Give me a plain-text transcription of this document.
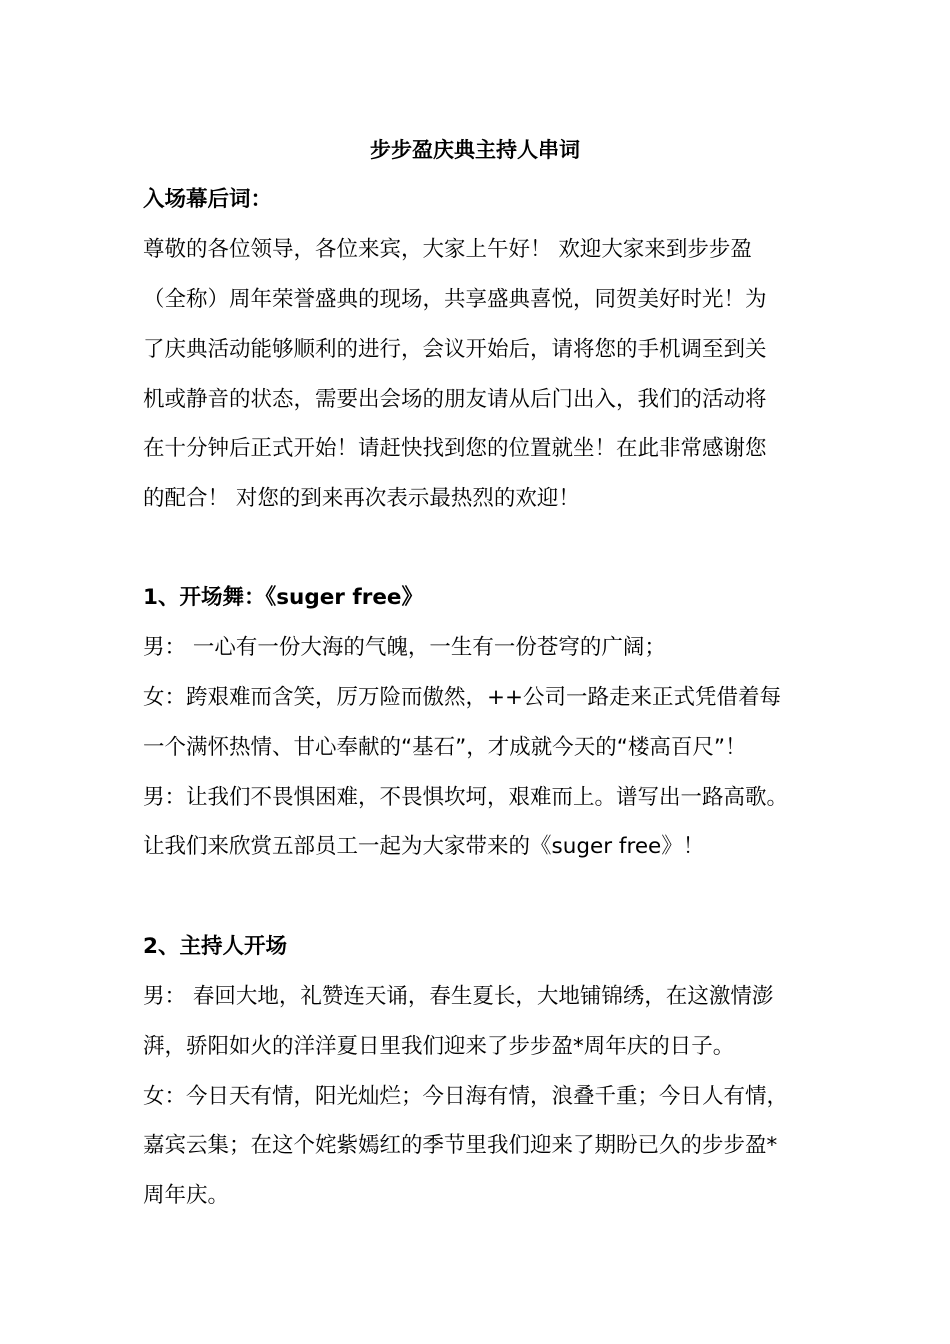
步步盈庆典主持人串词
入场幕后词：
尊敬的各位领导，各位来宾，大家上午好！ 欢迎大家来到步步盈
（全称）周年荣誉盛典的现场，共享盛典喜悦，同贺美好时光！为
了庆典活动能够顺利的进行，会议开始后，请将您的手机调至到关
机或静音的状态，需要出会场的朋友请从后门出入，我们的活动将
在十分钟后正式开始！请赶快找到您的位置就坐！在此非常感谢您
的配合！ 对您的到来再次表示最热烈的欢迎！
1、开场舞：《suger free》
男： 一心有一份大海的气魄，一生有一份苍穹的广阔；
女：跨艰难而含笑，厉万险而傲然，++公司一路走来正式凭借着每
一个满怀热情、甘心奉献的“基石”，才成就今天的“楼高百尺”！
男：让我们不畏惧困难，不畏惧坎坷，艰难而上。谱写出一路高歌。
让我们来欣赏五部员工一起为大家带来的《suger free》！
2、主持人开场
男： 春回大地，礼赞连天诵，春生夏长，大地铺锦绣，在这激情澎
湃，骄阳如火的洋洋夏日里我们迎来了步步盈*周年庆的日子。
女：今日天有情，阳光灿烂；今日海有情，浪叠千重；今日人有情，
嘉宾云集；在这个姹紫嫣红的季节里我们迎来了期盼已久的步步盈*
周年庆。
